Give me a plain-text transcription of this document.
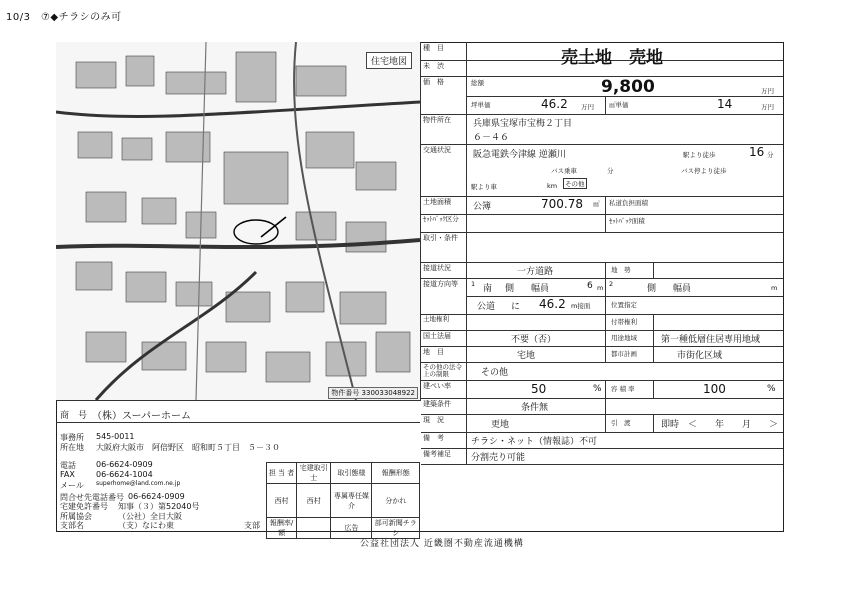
10/3　 ⑦◆チラシのみ可
住宅地図
物件番号 330033048922
種　目	売土地　売地
未　渋
価　格	総額	9,800	万円
坪単価	46.2 万円 ㎡単価	14	万円
物件所在	兵庫県宝塚市宝梅２丁目
６－４６
交通状況	阪急電鉄今津線 逆瀬川	駅より徒歩	16 分
バス乗車	分	バス停より徒歩
駅より車	km	その他
土地面積	公簿	700.78 ㎡ 私道負担面積
ｾｯﾄﾊﾞｯｸ区分	ｾｯﾄﾊﾞｯｸ面積
取引・条件
接道状況	一方道路	地　勢
接道方向等	1 南 側 幅員	6 m 2	側 幅員	m
公道 に 46.2 m接面	位置指定
土地権利	付帯権利
国土法届	不要（否）	用途地域	第一種低層住居専用地域
地　目	宅地	都市計画	市街化区域
その他の法令上の制限	その他
建ぺい率	50	% 容 積 率	100	%
建築条件	条件無
現　況	更地	引　渡	即時　＜　　年　　月　　＞
備　考	チラシ・ネット（情報誌）不可
備考補足	分割売り可能
商　号 （株）スーパーホーム
事務所 545-0011
所在地 大阪府大阪市　阿倍野区　昭和町５丁目　５－３０
電話	06-6624-0909
FAX	06-6624-1004
メール superhome@land.com.ne.jp
問合せ先電話番号 06-6624-0909
宅建免許番号 知事（３）第52040号
所属協会	（公社）全日大阪
支部名	（支）なにわ東	支部
担 当 者	宅建取引士	取引態様	報酬形態
西村	西村	専属専任媒介	分かれ
報酬率/額		広告	部可新聞チラシ
公益社団法人 近畿圏不動産流通機構
